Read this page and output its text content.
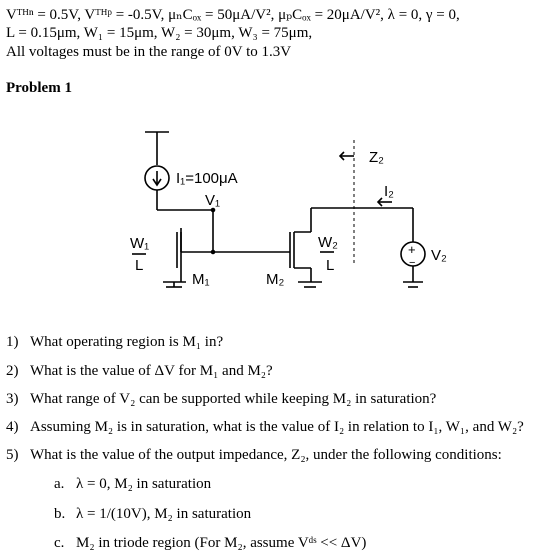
Vᵀᴴⁿ = 0.5V, Vᵀᴴᵖ = -0.5V, μₙCₒₓ = 50μA/V², μₚCₒₓ = 20μA/V², λ = 0, γ = 0,
L = 0.15μm, W₁ = 15μm, W₂ = 30μm, W₃ = 75μm,
All voltages must be in the range of 0V to 1.3V
Problem 1
I₁=100μA
V₁
W₁
L
M₁	M₂
W₂
L
Z₂
I₂
V₂
+
−
1) What operating region is M₁ in?
2) What is the value of ΔV for M₁ and M₂?
3) What range of V₂ can be supported while keeping M₂ in saturation?
4) Assuming M₂ is in saturation, what is the value of I₂ in relation to I₁, W₁, and W₂?
5) What is the value of the output impedance, Z₂, under the following conditions:
a. λ = 0, M₂ in saturation
b. λ = 1/(10V), M₂ in saturation
c. M₂ in triode region (For M₂, assume Vᵈˢ << ΔV)
